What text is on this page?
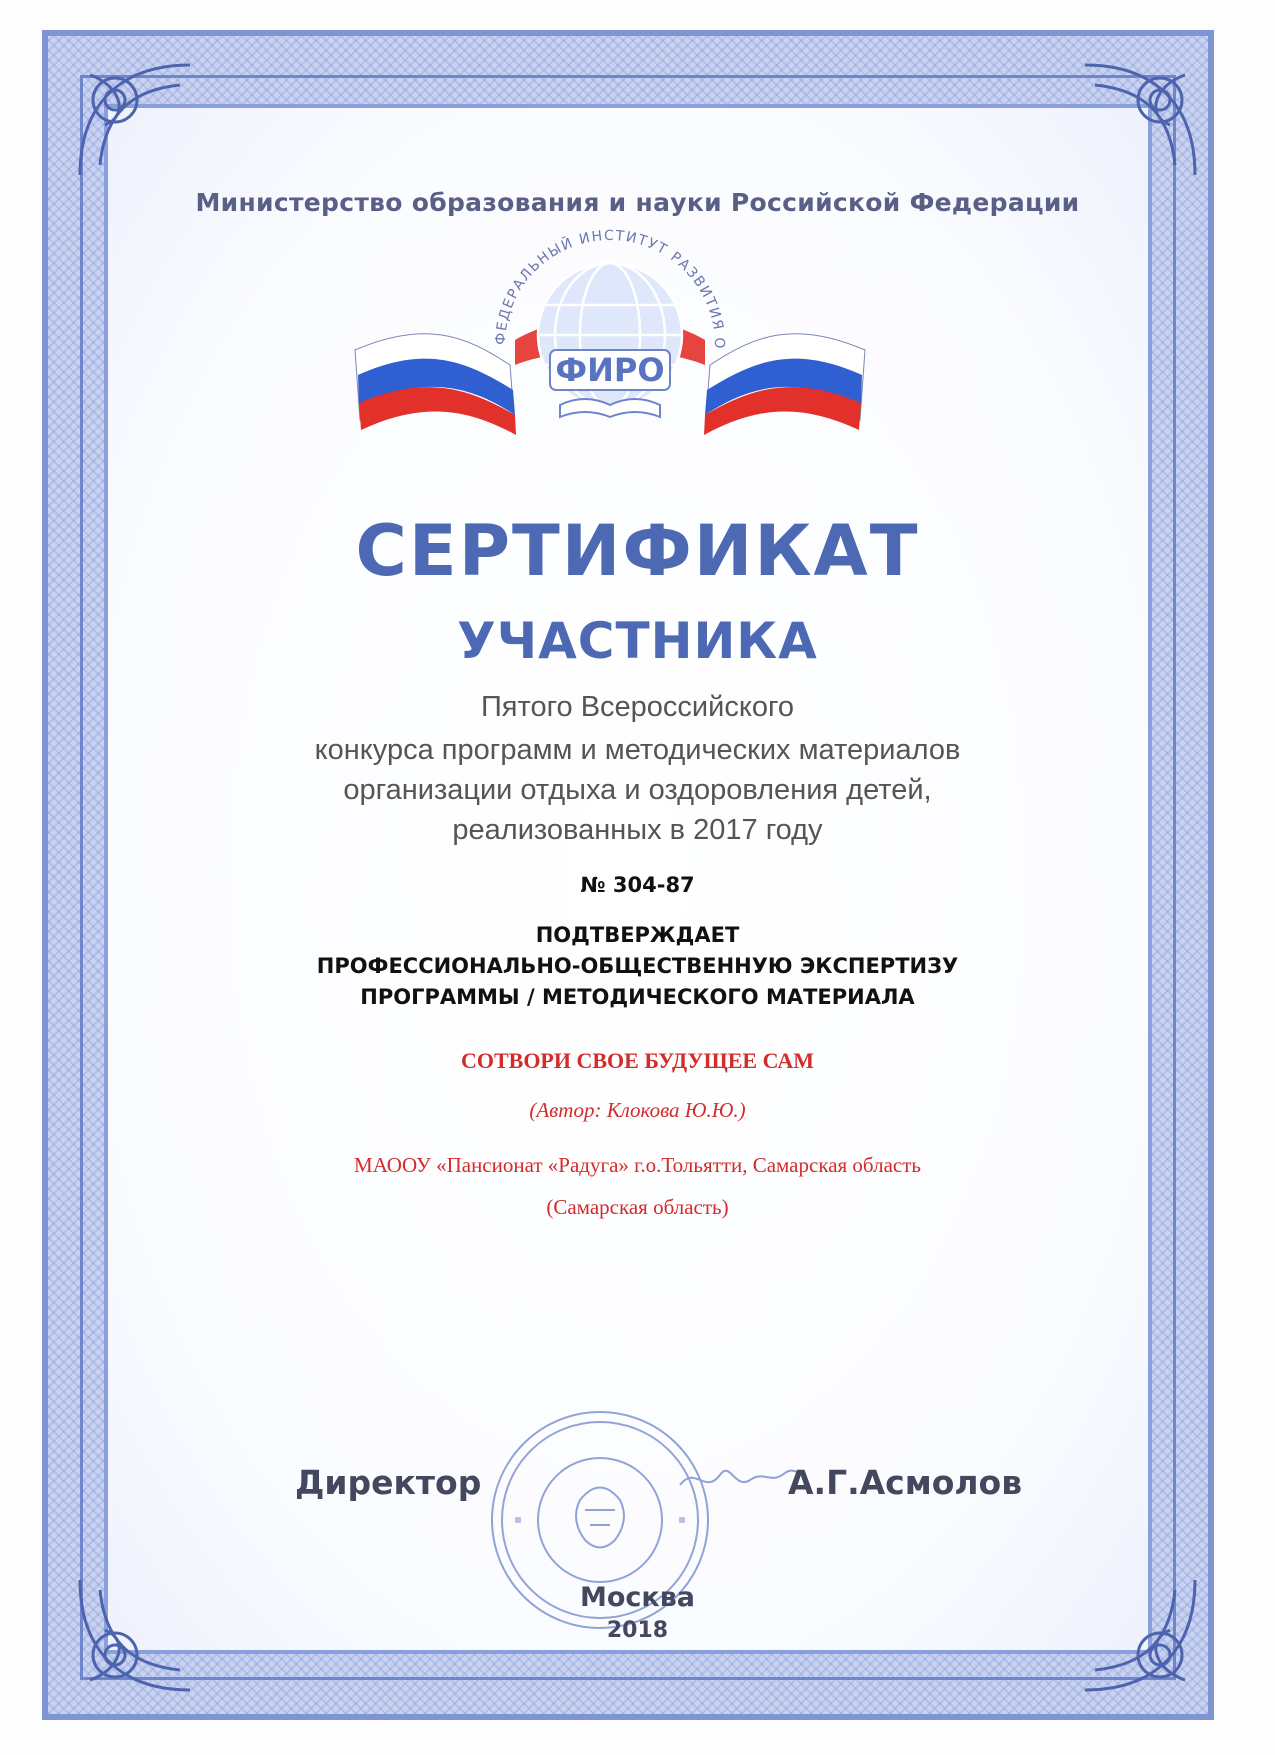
Министерство образования и науки Российской Федерации
ФЕДЕРАЛЬНЫЙ ИНСТИТУТ РАЗВИТИЯ О
ФИРО
СЕРТИФИКАТ
УЧАСТНИКА
Пятого Всероссийского
конкурса программ и методических материалов
организации отдыха и оздоровления детей,
реализованных в 2017 году
№ 304-87
ПОДТВЕРЖДАЕТ
ПРОФЕССИОНАЛЬНО-ОБЩЕСТВЕННУЮ ЭКСПЕРТИЗУ
ПРОГРАММЫ / МЕТОДИЧЕСКОГО МАТЕРИАЛА
СОТВОРИ СВОЕ БУДУЩЕЕ САМ
(Автор: Клокова Ю.Ю.)
МАООУ «Пансионат «Радуга» г.о.Тольятти, Самарская область
(Самарская область)
Директор	А.Г.Асмолов
Москва
2018
